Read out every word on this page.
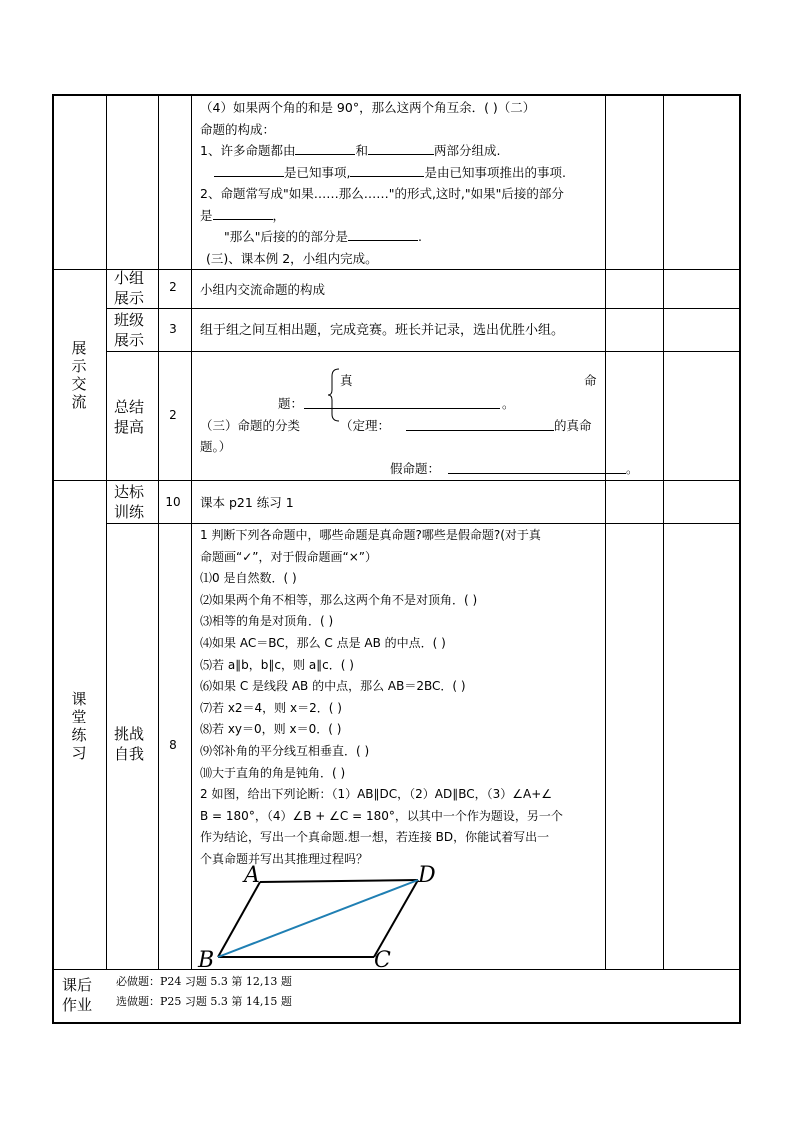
（4）如果两个角的和是 90°，那么这两个角互余．( )（二）

命题的构成：

1、许多命题都由	和	两部分组成.

是已知事项,	是由已知事项推出的事项.

2、命题常写成"如果……那么……"的形式,这时,"如果"后接的部分

是	，

"那么"后接的的部分是	.

(三)、课本例 2，小组内完成。

展示交流
小组展示
2	小组内交流命题的构成
班级展示
3	组于组之间互相出题，完成竞赛。班长并记录，选出优胜小组。
总结提高
2
真	命
题：	。
（三）命题的分类	（定理：	的真命
题。）
假命题：	。
课堂练习
达标训练
10	课本 p21 练习 1
挑战自我	8

1 判断下列各命题中，哪些命题是真命题?哪些是假命题?(对于真

命题画“✓”，对于假命题画“×”）

⑴0 是自然数．( )

⑵如果两个角不相等，那么这两个角不是对顶角．( )

⑶相等的角是对顶角．( )

⑷如果 AC＝BC，那么 C 点是 AB 的中点．( )

⑸若 a∥b，b∥c，则 a∥c．( )

⑹如果 C 是线段 AB 的中点，那么 AB＝2BC．( )

⑺若 x2＝4，则 x＝2．( )

⑻若 xy＝0，则 x＝0．( )

⑼邻补角的平分线互相垂直．( )

⑽大于直角的角是钝角．( )

2 如图，给出下列论断：（1）AB∥DC，（2）AD∥BC，（3）∠A+∠

B = 180°，（4）∠B + ∠C = 180°，以其中一个作为题设，另一个

作为结论，写出一个真命题.想一想，若连接 BD，你能试着写出一

个真命题并写出其推理过程吗？

A	D
B	C
课后作业

必做题：P24 习题 5.3 第 12,13 题

选做题：P25 习题 5.3 第 14,15 题
